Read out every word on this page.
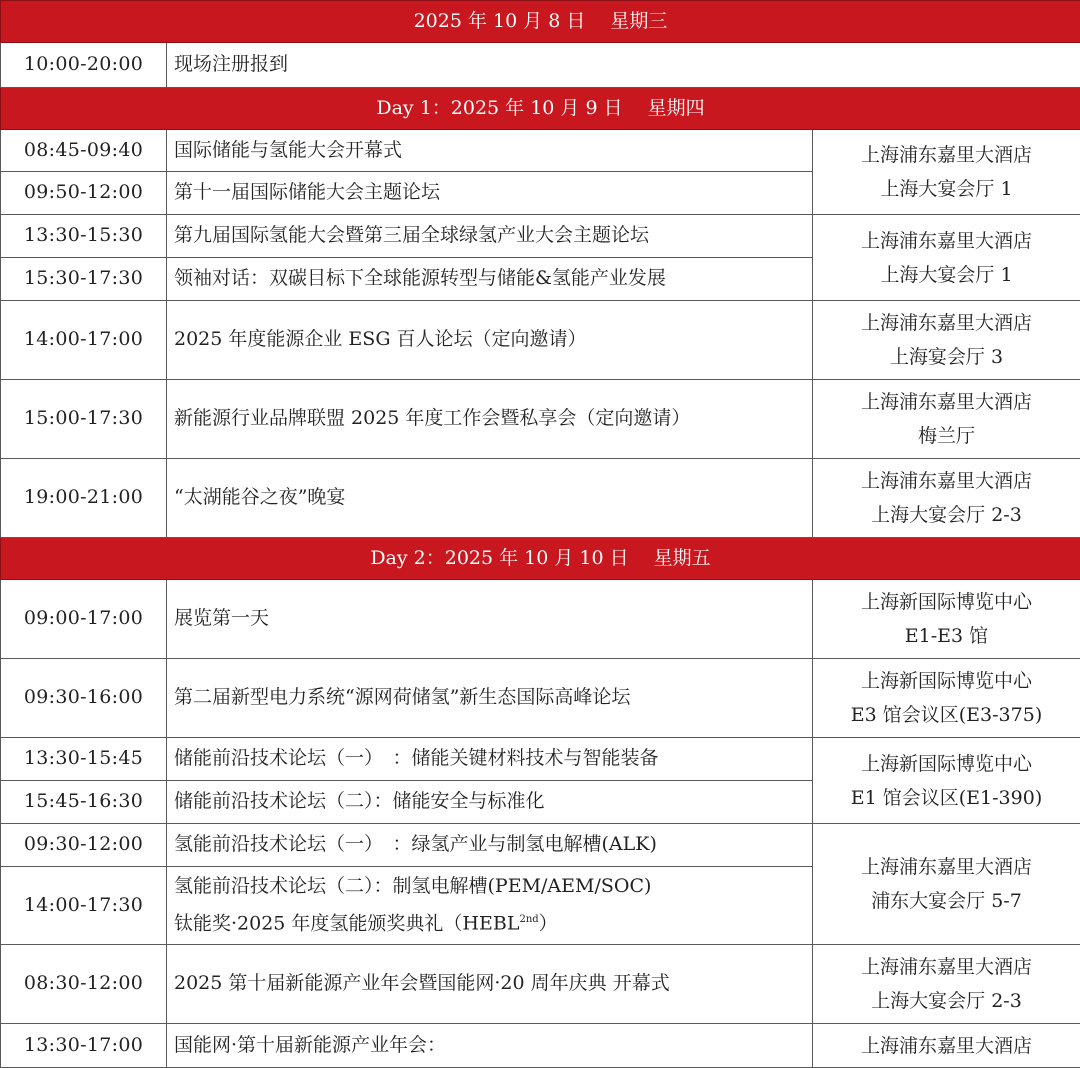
2025 年 10 月 8 日　 星期三		
10:00-20:00	现场注册报到	
Day 1：2025 年 10 月 9 日　 星期四		
08:45-09:40	国际储能与氢能大会开幕式	上海浦东嘉里大酒店
上海大宴会厅 1

09:50-12:00	第十一届国际储能大会主题论坛	
13:30-15:30	第九届国际氢能大会暨第三届全球绿氢产业大会主题论坛	上海浦东嘉里大酒店
上海大宴会厅 1

15:30-17:30	领袖对话：双碳目标下全球能源转型与储能&氢能产业发展	
14:00-17:00	2025 年度能源企业 ESG 百人论坛（定向邀请）	上海浦东嘉里大酒店
上海宴会厅 3

15:00-17:30	新能源行业品牌联盟 2025 年度工作会暨私享会（定向邀请）	上海浦东嘉里大酒店
梅兰厅

19:00-21:00	“太湖能谷之夜”晚宴	上海浦东嘉里大酒店
上海大宴会厅 2-3

Day 2：2025 年 10 月 10 日　 星期五		
09:00-17:00	展览第一天	上海新国际博览中心
E1-E3 馆

09:30-16:00	第二届新型电力系统“源网荷储氢”新生态国际高峰论坛	上海新国际博览中心
E3 馆会议区(E3-375)

13:30-15:45	储能前沿技术论坛（一）　：储能关键材料技术与智能装备	上海新国际博览中心
E1 馆会议区(E1-390)

15:45-16:30	储能前沿技术论坛（二）：储能安全与标准化	
09:30-12:00	氢能前沿技术论坛（一）　：绿氢产业与制氢电解槽(ALK)	上海浦东嘉里大酒店
浦东大宴会厅 5-7

14:00-17:30	氢能前沿技术论坛（二）：制氢电解槽(PEM/AEM/SOC)
钛能奖·2025 年度氢能颁奖典礼$(HEBL^{2nd})$	

08:30-12:00	2025 第十届新能源产业年会暨国能网·20 周年庆典 开幕式	上海浦东嘉里大酒店
上海大宴会厅 2-3

13:30-17:00	国能网·第十届新能源产业年会：	上海浦东嘉里大酒店
